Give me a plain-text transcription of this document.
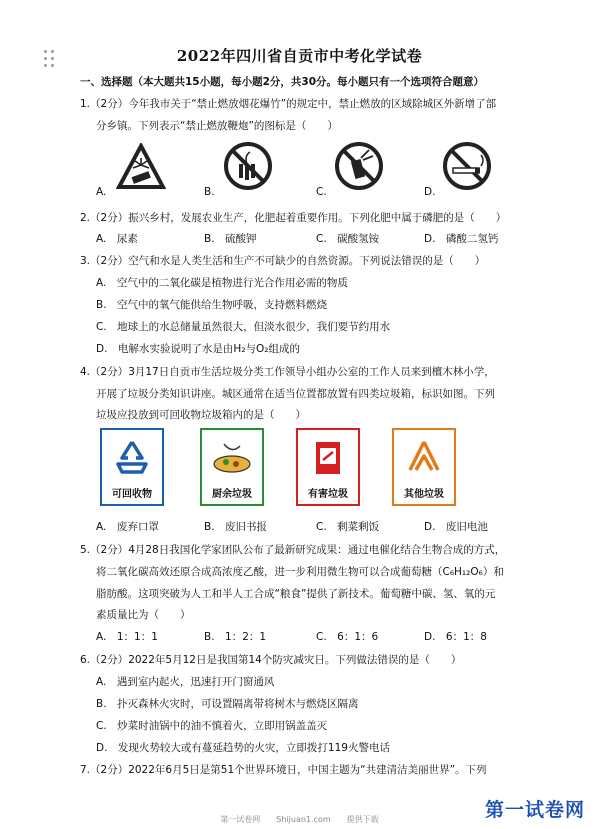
2022年四川省自贡市中考化学试卷
一、选择题（本大题共15小题，每小题2分，共30分。每小题只有一个选项符合题意）
1.（2分）今年我市关于“禁止燃放烟花爆竹”的规定中，禁止燃放的区域除城区外新增了部
分乡镇。下列表示“禁止燃放鞭炮”的图标是（　　）
A.	B.	C.	D.
2.（2分）振兴乡村，发展农业生产，化肥起着重要作用。下列化肥中属于磷肥的是（　　）
A.　尿素	B.　硫酸钾	C.　碳酸氢铵	D.　磷酸二氢钙
3.（2分）空气和水是人类生活和生产不可缺少的自然资源。下列说法错误的是（　　）
A.　空气中的二氧化碳是植物进行光合作用必需的物质
B.　空气中的氧气能供给生物呼吸，支持燃料燃烧
C.　地球上的水总储量虽然很大，但淡水很少，我们要节约用水
D.　电解水实验说明了水是由H₂与O₂组成的
4.（2分）3月17日自贡市生活垃圾分类工作领导小组办公室的工作人员来到檀木林小学，
开展了垃圾分类知识讲座。城区通常在适当位置都放置有四类垃圾箱，标识如图。下列
垃圾应投放到可回收物垃圾箱内的是（　　）
可回收物	厨余垃圾	有害垃圾	其他垃圾
A.　废弃口罩	B.　废旧书报	C.　剩菜剩饭	D.　废旧电池
5.（2分）4月28日我国化学家团队公布了最新研究成果：通过电催化结合生物合成的方式，
将二氧化碳高效还原合成高浓度乙酸，进一步利用微生物可以合成葡萄糖（C₆H₁₂O₆）和
脂肪酸。这项突破为人工和半人工合成“粮食”提供了新技术。葡萄糖中碳、氢、氧的元
素质量比为（　　）
A.　1：1：1	B.　1：2：1	C.　6：1：6	D.　6：1：8
6.（2分）2022年5月12日是我国第14个防灾减灾日。下列做法错误的是（　　）
A.　遇到室内起火，迅速打开门窗通风
B.　扑灭森林火灾时，可设置隔离带将树木与燃烧区隔离
C.　炒菜时油锅中的油不慎着火，立即用锅盖盖灭
D.　发现火势较大或有蔓延趋势的火灾，立即拨打119火警电话
7.（2分）2022年6月5日是第51个世界环境日，中国主题为“共建清洁美丽世界”。下列
第一试卷网　　Shijuan1.com　　提供下载	第一试卷网
